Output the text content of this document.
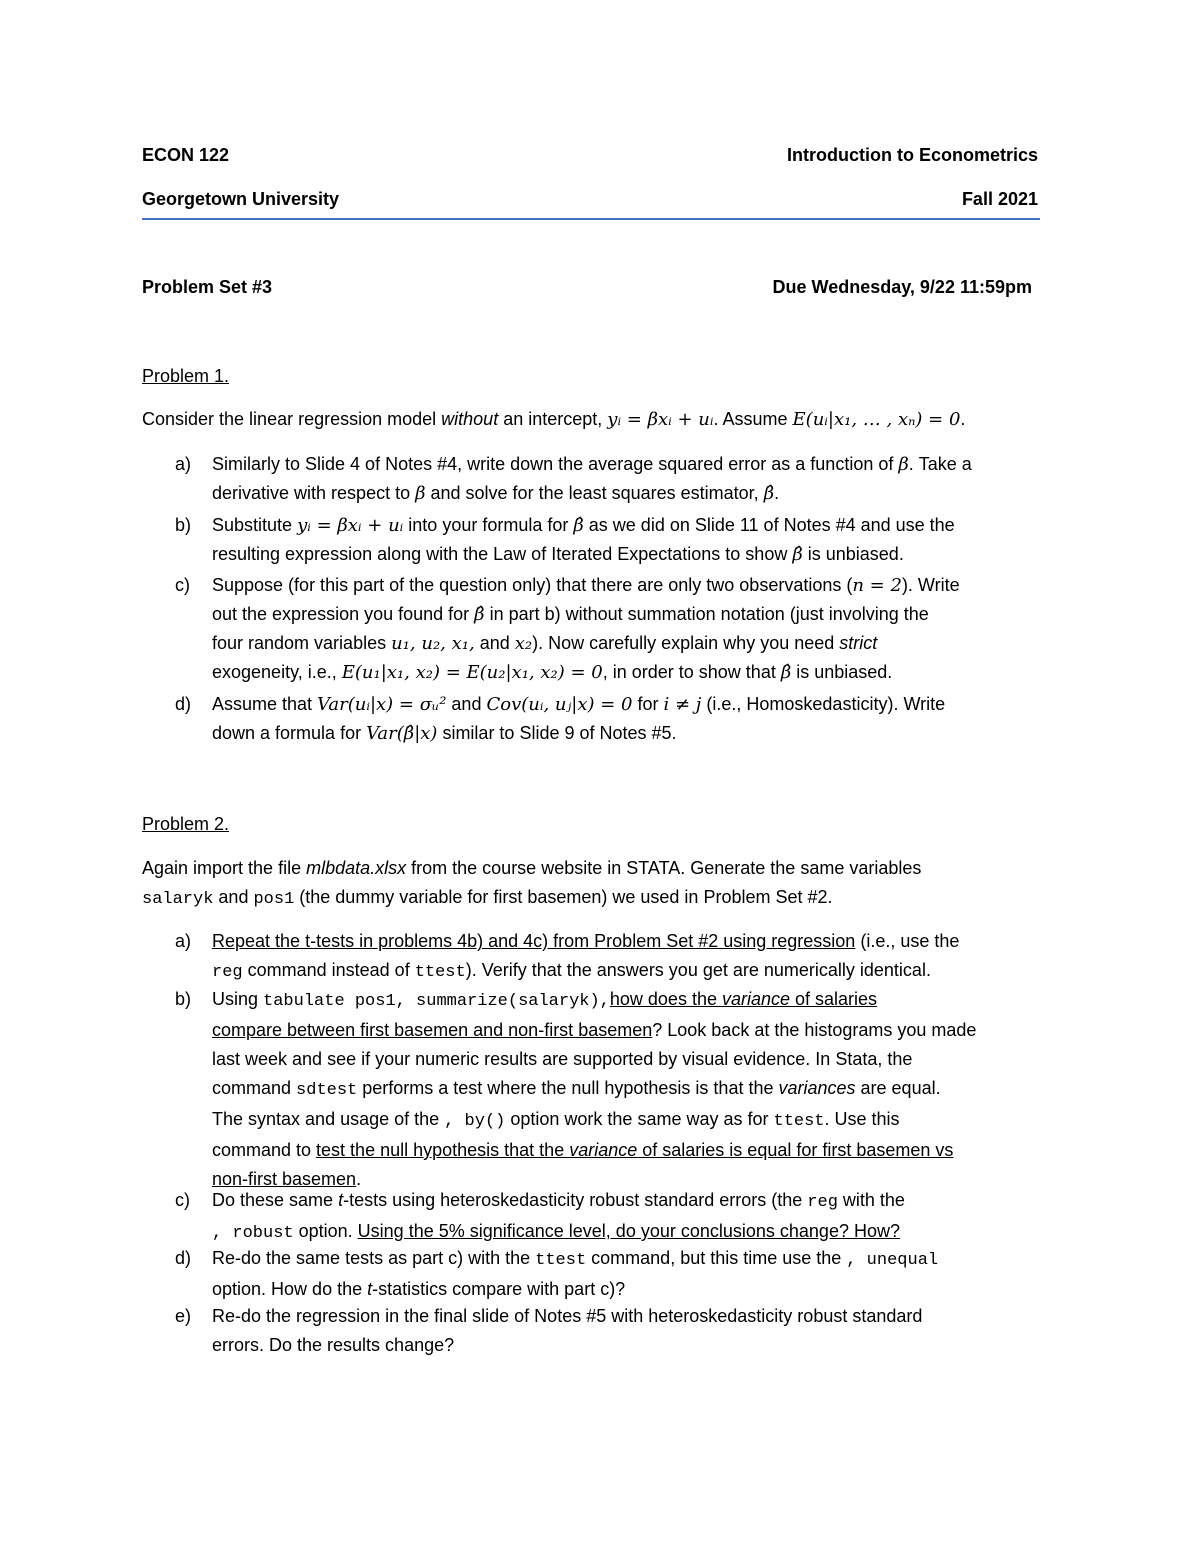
ECON 122	Introduction to Econometrics
Georgetown University	Fall 2021
Problem Set #3	Due Wednesday, 9/22 11:59pm
Problem 1.
Consider the linear regression model without an intercept, yᵢ = βxᵢ + uᵢ. Assume E(uᵢ|x₁, … , xₙ) = 0.
a) Similarly to Slide 4 of Notes #4, write down the average squared error as a function of β. Take a
derivative with respect to β and solve for the least squares estimator, β̂.
b) Substitute yᵢ = βxᵢ + uᵢ into your formula for β̂ as we did on Slide 11 of Notes #4 and use the
resulting expression along with the Law of Iterated Expectations to show β̂ is unbiased.
c) Suppose (for this part of the question only) that there are only two observations (n = 2). Write
out the expression you found for β̂ in part b) without summation notation (just involving the
four random variables u₁, u₂, x₁, and x₂). Now carefully explain why you need strict
exogeneity, i.e., E(u₁|x₁, x₂) = E(u₂|x₁, x₂) = 0, in order to show that β̂ is unbiased.
d) Assume that Var(uᵢ|x) = σᵤ² and Cov(uᵢ, uⱼ|x) = 0 for i ≠ j (i.e., Homoskedasticity). Write
down a formula for Var(β̂|x) similar to Slide 9 of Notes #5.
Problem 2.
Again import the file mlbdata.xlsx from the course website in STATA. Generate the same variables
salaryk and pos1 (the dummy variable for first basemen) we used in Problem Set #2.
a) Repeat the t-tests in problems 4b) and 4c) from Problem Set #2 using regression (i.e., use the
reg command instead of ttest). Verify that the answers you get are numerically identical.
b) Using tabulate pos1, summarize(salaryk),how does the variance of salaries
compare between first basemen and non-first basemen? Look back at the histograms you made
last week and see if your numeric results are supported by visual evidence. In Stata, the
command sdtest performs a test where the null hypothesis is that the variances are equal.
The syntax and usage of the , by() option work the same way as for ttest. Use this
command to test the null hypothesis that the variance of salaries is equal for first basemen vs
non-first basemen.
c) Do these same t-tests using heteroskedasticity robust standard errors (the reg with the
, robust option. Using the 5% significance level, do your conclusions change? How?
d) Re-do the same tests as part c) with the ttest command, but this time use the , unequal
option. How do the t-statistics compare with part c)?
e) Re-do the regression in the final slide of Notes #5 with heteroskedasticity robust standard
errors. Do the results change?
